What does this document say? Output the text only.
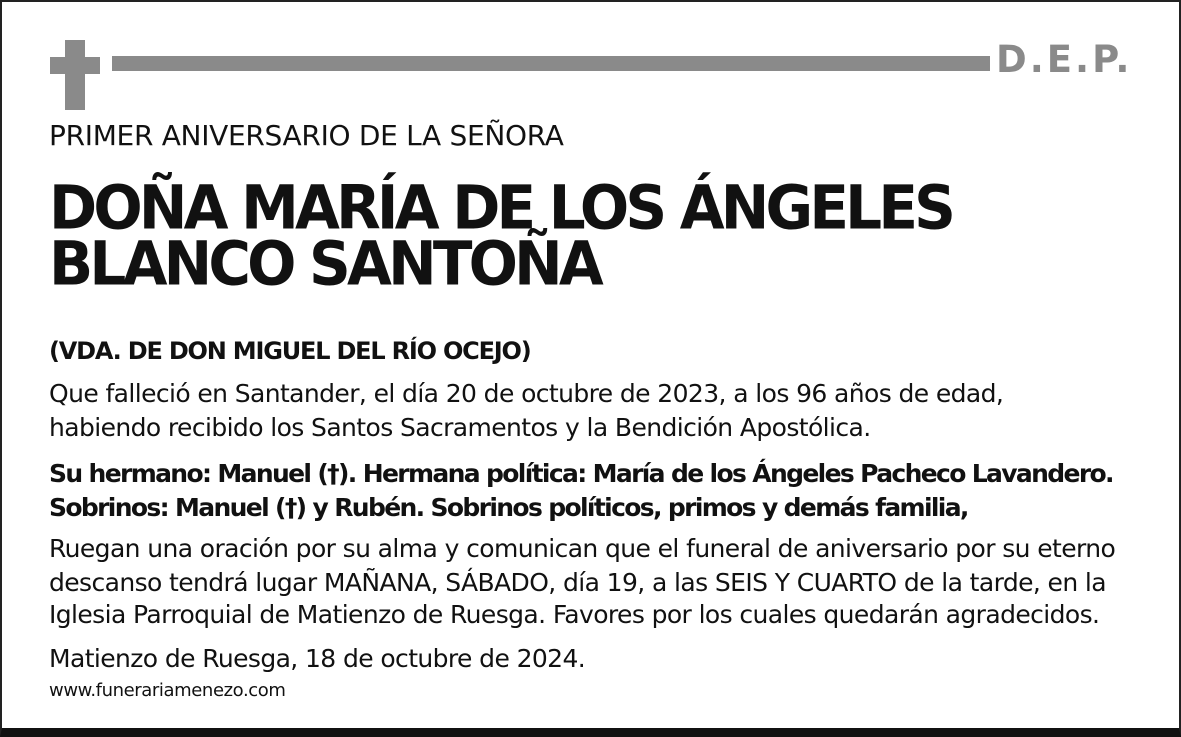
D.E.P.
PRIMER ANIVERSARIO DE LA SEÑORA
DOÑA MARÍA DE LOS ÁNGELES
BLANCO SANTOÑA
(VDA. DE DON MIGUEL DEL RÍO OCEJO)
Que falleció en Santander, el día 20 de octubre de 2023, a los 96 años de edad,
habiendo recibido los Santos Sacramentos y la Bendición Apostólica.
Su hermano: Manuel (†). Hermana política: María de los Ángeles Pacheco Lavandero.
Sobrinos: Manuel (†) y Rubén. Sobrinos políticos, primos y demás familia,
Ruegan una oración por su alma y comunican que el funeral de aniversario por su eterno
descanso tendrá lugar MAÑANA, SÁBADO, día 19, a las SEIS Y CUARTO de la tarde, en la
Iglesia Parroquial de Matienzo de Ruesga. Favores por los cuales quedarán agradecidos.
Matienzo de Ruesga, 18 de octubre de 2024.
www.funerariamenezo.com
